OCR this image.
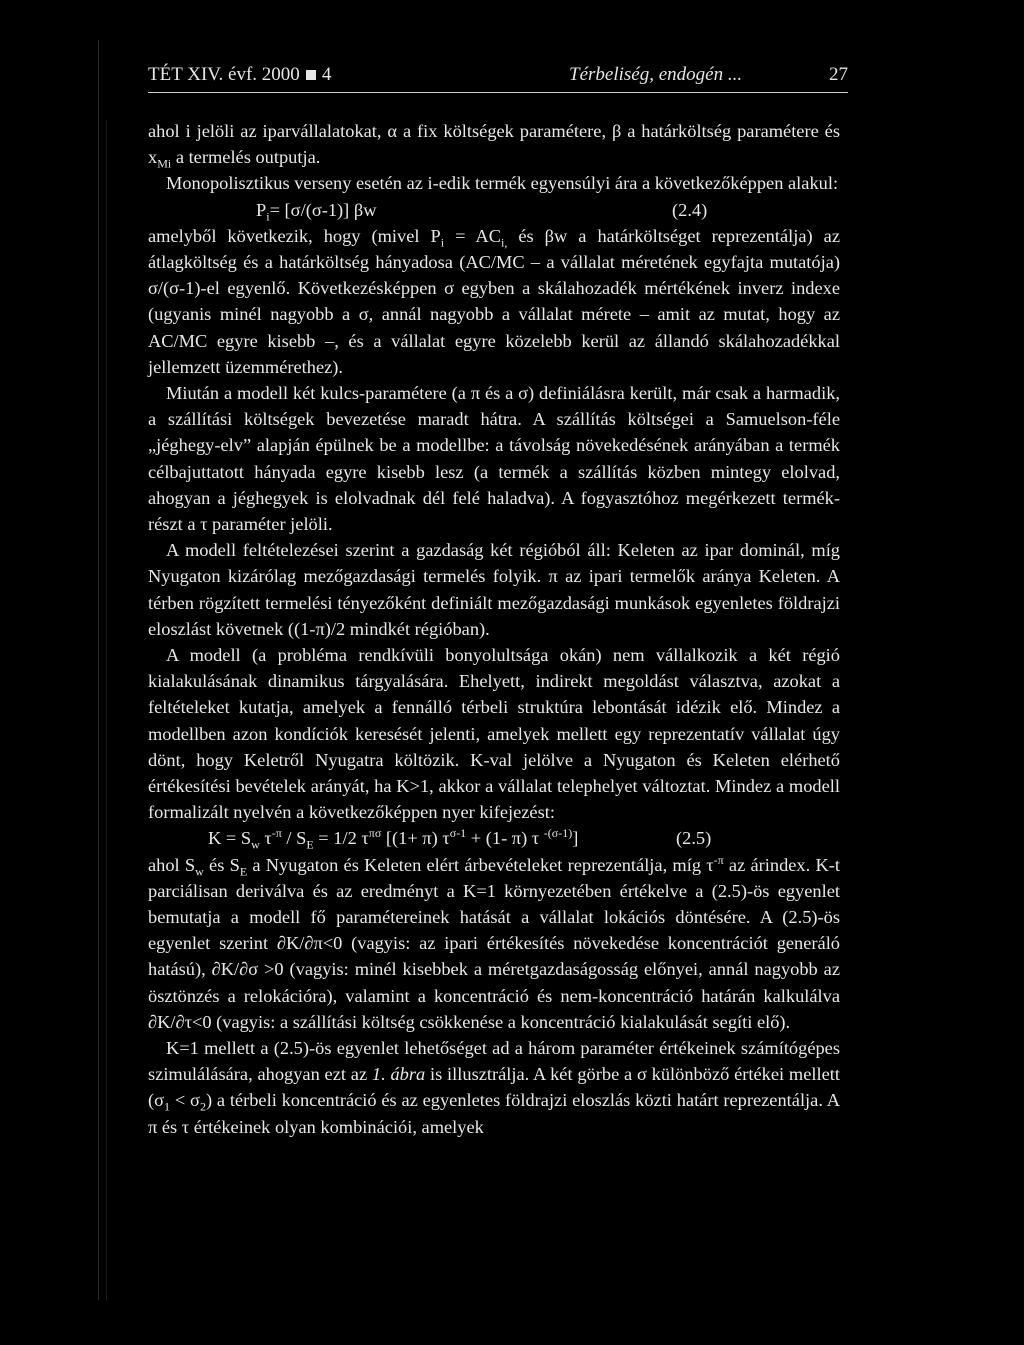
TÉT XIV. évf. 2000 4	Térbeliség, endogén ...	27

ahol i jelöli az iparvállalatokat, α a fix költségek paramétere, β a határköltség paramétere és $x_{Mi}$ a termelés outputja.

Monopolisztikus verseny esetén az i-edik termék egyensúlyi ára a következőképpen alakul:

$P_i= [\sigma/(\sigma-1)]$ βw	(2.4)

amelyből következik, hogy (mivel $P_i = AC_{i,}$ és βw a határköltséget reprezentálja) az átlagköltség és a határköltség hányadosa (AC/MC – a vállalat méretének egyfajta mutatója) σ/(σ-1)-el egyenlő. Következésképpen σ egyben a skálahozadék mértékének inverz indexe (ugyanis minél nagyobb a σ, annál nagyobb a vállalat mérete – amit az mutat, hogy az AC/MC egyre kisebb –, és a vállalat egyre közelebb kerül az állandó skálahozadékkal jellemzett üzemmérethez).

Miután a modell két kulcs-paramétere (a π és a σ) definiálásra került, már csak a harmadik, a szállítási költségek bevezetése maradt hátra. A szállítás költségei a Samuelson-féle „jéghegy-elv” alapján épülnek be a modellbe: a távolság növekedésének arányában a termék célbajuttatott hányada egyre kisebb lesz (a termék a szállítás közben mintegy elolvad, ahogyan a jéghegyek is elolvadnak dél felé haladva). A fogyasztóhoz megérkezett termék-részt a τ paraméter jelöli.

A modell feltételezései szerint a gazdaság két régióból áll: Keleten az ipar dominál, míg Nyugaton kizárólag mezőgazdasági termelés folyik. π az ipari termelők aránya Keleten. A térben rögzített termelési tényezőként definiált mezőgazdasági munkások egyenletes földrajzi eloszlást követnek ((1-π)/2 mindkét régióban).

A modell (a probléma rendkívüli bonyolultsága okán) nem vállalkozik a két régió kialakulásának dinamikus tárgyalására. Ehelyett, indirekt megoldást választva, azokat a feltételeket kutatja, amelyek a fennálló térbeli struktúra lebontását idézik elő. Mindez a modellben azon kondíciók keresését jelenti, amelyek mellett egy reprezentatív vállalat úgy dönt, hogy Keletről Nyugatra költözik. K-val jelölve a Nyugaton és Keleten elérhető értékesítési bevételek arányát, ha K>1, akkor a vállalat telephelyet változtat. Mindez a modell formalizált nyelvén a következőképpen nyer kifejezést:

$K = S_w$ $\tau^{-\pi} / S_E = 1/2$ $\tau^{\pi\sigma}$ [(1+ π) $\tau^{\sigma-1} + (1-$ π) τ $^{-(\sigma-1)}$]	(2.5)

ahol $S_w$ és $S_E$ a Nyugaton és Keleten elért árbevételeket reprezentálja, míg $\tau^{-\pi}$ az árindex. K-t parciálisan deriválva és az eredményt a K=1 környezetében értékelve a (2.5)-ös egyenlet bemutatja a modell fő paramétereinek hatását a vállalat lokációs döntésére. A (2.5)-ös egyenlet szerint ∂K/∂π<0 (vagyis: az ipari értékesítés növekedése koncentrációt generáló hatású), ∂K/∂σ >0 (vagyis: minél kisebbek a méretgazdaságosság előnyei, annál nagyobb az ösztönzés a relokációra), valamint a koncentráció és nem-koncentráció határán kalkulálva ∂K/∂τ<0 (vagyis: a szállítási költség csökkenése a koncentráció kialakulását segíti elő).

K=1 mellett a (2.5)-ös egyenlet lehetőséget ad a három paraméter értékeinek számítógépes szimulálására, ahogyan ezt az 1. ábra is illusztrálja. A két görbe a σ különböző értékei mellett $(\sigma_1 < \sigma_2)$ a térbeli koncentráció és az egyenletes földrajzi eloszlás közti határt reprezentálja. A π és τ értékeinek olyan kombinációi, amelyek
